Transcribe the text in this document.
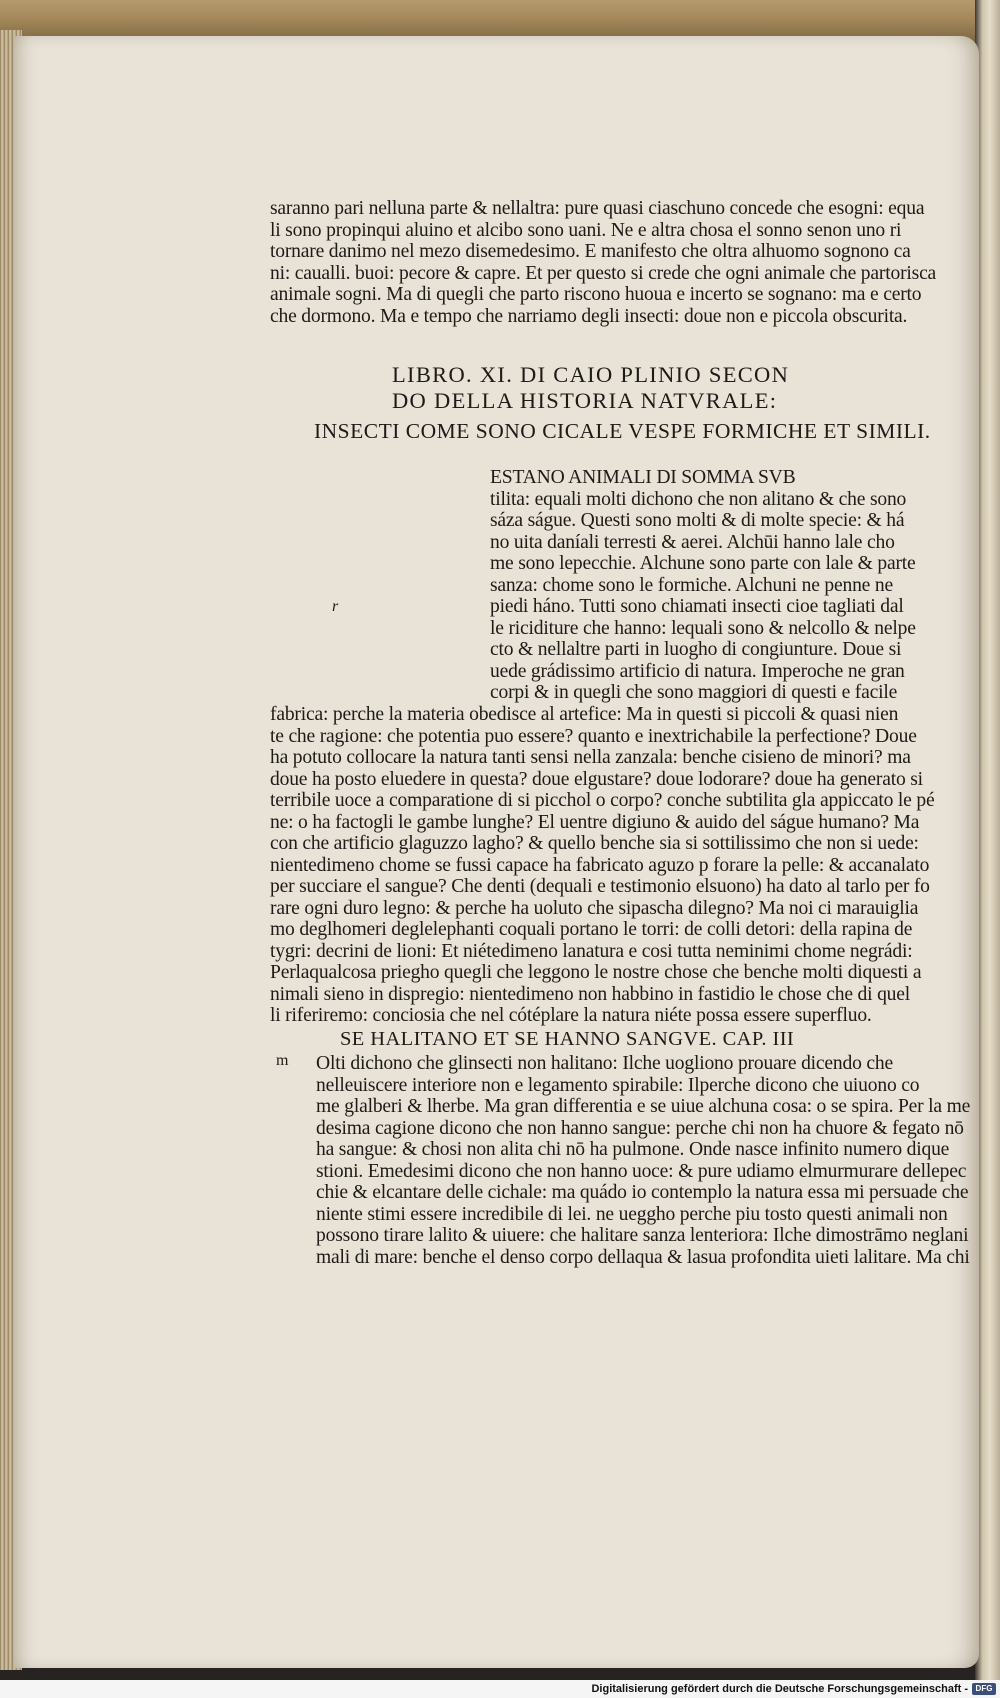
saranno pari nelluna parte & nellaltra: pure quasi ciaschuno concede che esogni: equa
li sono propinqui aluino et alcibo sono uani. Ne e altra chosa el sonno senon uno ri
tornare danimo nel mezo disemedesimo. E manifesto che oltra alhuomo sognono ca
ni: caualli. buoi: pecore & capre. Et per questo si crede che ogni animale che partorisca
animale sogni. Ma di quegli che parto riscono huoua e incerto se sognano: ma e certo
che dormono. Ma e tempo che narriamo degli insecti: doue non e piccola obscurita.
LIBRO. XI. DI CAIO PLINIO SECON
DO DELLA HISTORIA NATVRALE:
INSECTI COME SONO CICALE VESPE FORMICHE ET SIMILI.
ESTANO ANIMALI DI SOMMA SVB
tilita: equali molti dichono che non alitano & che sono
sáza ságue. Questi sono molti & di molte specie: & há
no uita daníali terresti & aerei. Alchūi hanno lale cho
me sono lepecchie. Alchune sono parte con lale & parte
sanza: chome sono le formiche. Alchuni ne penne ne
piedi háno. Tutti sono chiamati insecti cioe tagliati dal
le riciditure che hanno: lequali sono & nelcollo & nelpe
cto & nellaltre parti in luogho di congiunture. Doue si
uede grádissimo artificio di natura. Imperoche ne gran
corpi & in quegli che sono maggiori di questi e facile
r
fabrica: perche la materia obedisce al artefice: Ma in questi si piccoli & quasi nien
te che ragione: che potentia puo essere? quanto e inextrichabile la perfectione? Doue
ha potuto collocare la natura tanti sensi nella zanzala: benche cisieno de minori? ma
doue ha posto eluedere in questa? doue elgustare? doue lodorare? doue ha generato si
terribile uoce a comparatione di si picchol o corpo? conche subtilita gla appiccato le pé
ne: o ha factogli le gambe lunghe? El uentre digiuno & auido del ságue humano? Ma
con che artificio glaguzzo lagho? & quello benche sia si sottilissimo che non si uede:
nientedimeno chome se fussi capace ha fabricato aguzo p forare la pelle: & accanalato
per succiare el sangue? Che denti (dequali e testimonio elsuono) ha dato al tarlo per fo
rare ogni duro legno: & perche ha uoluto che sipascha dilegno? Ma noi ci marauiglia
mo deglhomeri deglelephanti coquali portano le torri: de colli detori: della rapina de
tygri: decrini de lioni: Et niétedimeno lanatura e cosi tutta neminimi chome negrádi:
Perlaqualcosa priegho quegli che leggono le nostre chose che benche molti diquesti a
nimali sieno in dispregio: nientedimeno non habbino in fastidio le chose che di quel
li riferiremo: conciosia che nel cótéplare la natura niéte possa essere superfluo.
SE HALITANO ET SE HANNO SANGVE. CAP. III
m Olti dichono che glinsecti non halitano: Ilche uogliono prouare dicendo che
nelleuiscere interiore non e legamento spirabile: Ilperche dicono che uiuono co
me glalberi & lherbe. Ma gran differentia e se uiue alchuna cosa: o se spira. Per la me
desima cagione dicono che non hanno sangue: perche chi non ha chuore & fegato nō
ha sangue: & chosi non alita chi nō ha pulmone. Onde nasce infinito numero dique
stioni. Emedesimi dicono che non hanno uoce: & pure udiamo elmurmurare dellepec
chie & elcantare delle cichale: ma quádo io contemplo la natura essa mi persuade che
niente stimi essere incredibile di lei. ne ueggho perche piu tosto questi animali non
possono tirare lalito & uiuere: che halitare sanza lenteriora: Ilche dimostrāmo neglani
mali di mare: benche el denso corpo dellaqua & lasua profondita uieti lalitare. Ma chi
Digitalisierung gefördert durch die Deutsche Forschungsgemeinschaft - DFG
